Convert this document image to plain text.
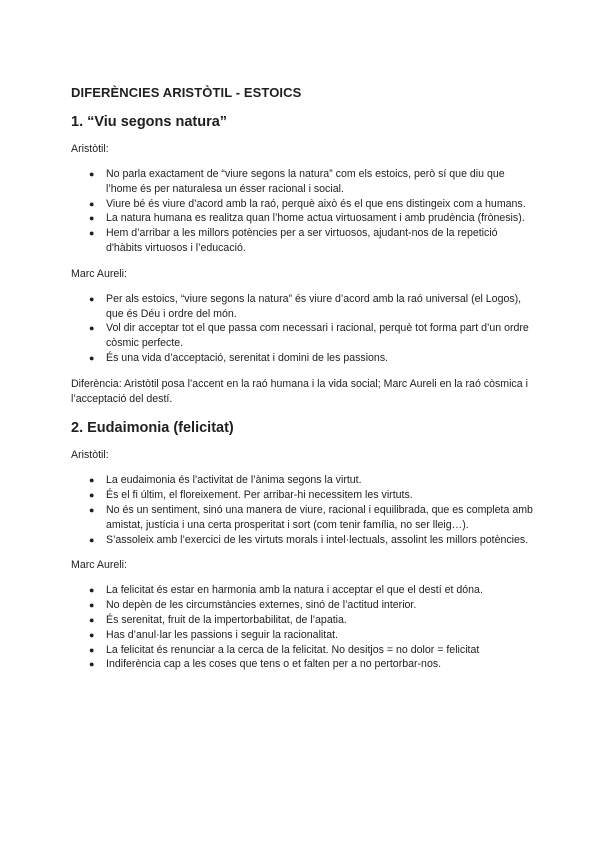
DIFERÈNCIES ARISTÒTIL - ESTOICS
1. “Viu segons natura”

Aristòtil:

● No parla exactament de “viure segons la natura” com els estoics, però sí que diu que l’home és per naturalesa un ésser racional i social.
● Viure bé és viure d’acord amb la raó, perquè això és el que ens distingeix com a humans.
● La natura humana es realitza quan l’home actua virtuosament i amb prudència (frònesis).
● Hem d’arribar a les millors potències per a ser virtuosos, ajudant-nos de la repetició d'hàbits virtuosos i l’educació.

Marc Aureli:

● Per als estoics, “viure segons la natura” és viure d’acord amb la raó universal (el Logos), que és Déu i ordre del món.
● Vol dir acceptar tot el que passa com necessari i racional, perquè tot forma part d’un ordre còsmic perfecte.
● És una vida d’acceptació, serenitat i domini de les passions.

Diferència: Aristòtil posa l’accent en la raó humana i la vida social; Marc Aureli en la raó còsmica i l’acceptació del destí.

2. Eudaimonia (felicitat)

Aristòtil:

● La eudaimonia és l’activitat de l’ànima segons la virtut.
● És el fi últim, el floreixement. Per arribar-hi necessitem les virtuts.
● No és un sentiment, sinó una manera de viure, racional i equilibrada, que es completa amb amistat, justícia i una certa prosperitat i sort (com tenir família, no ser lleig…).
● S’assoleix amb l’exercici de les virtuts morals i intel·lectuals, assolint les millors potències.

Marc Aureli:

● La felicitat és estar en harmonia amb la natura i acceptar el que el destí et dóna.
● No depèn de les circumstàncies externes, sinó de l’actitud interior.
● És serenitat, fruit de la impertorbabilitat, de l’apatia.
● Has d’anul·lar les passions i seguir la racionalitat.
● La felicitat és renunciar a la cerca de la felicitat. No desitjos = no dolor = felicitat
● Indiferència cap a les coses que tens o et falten per a no pertorbar-nos.
